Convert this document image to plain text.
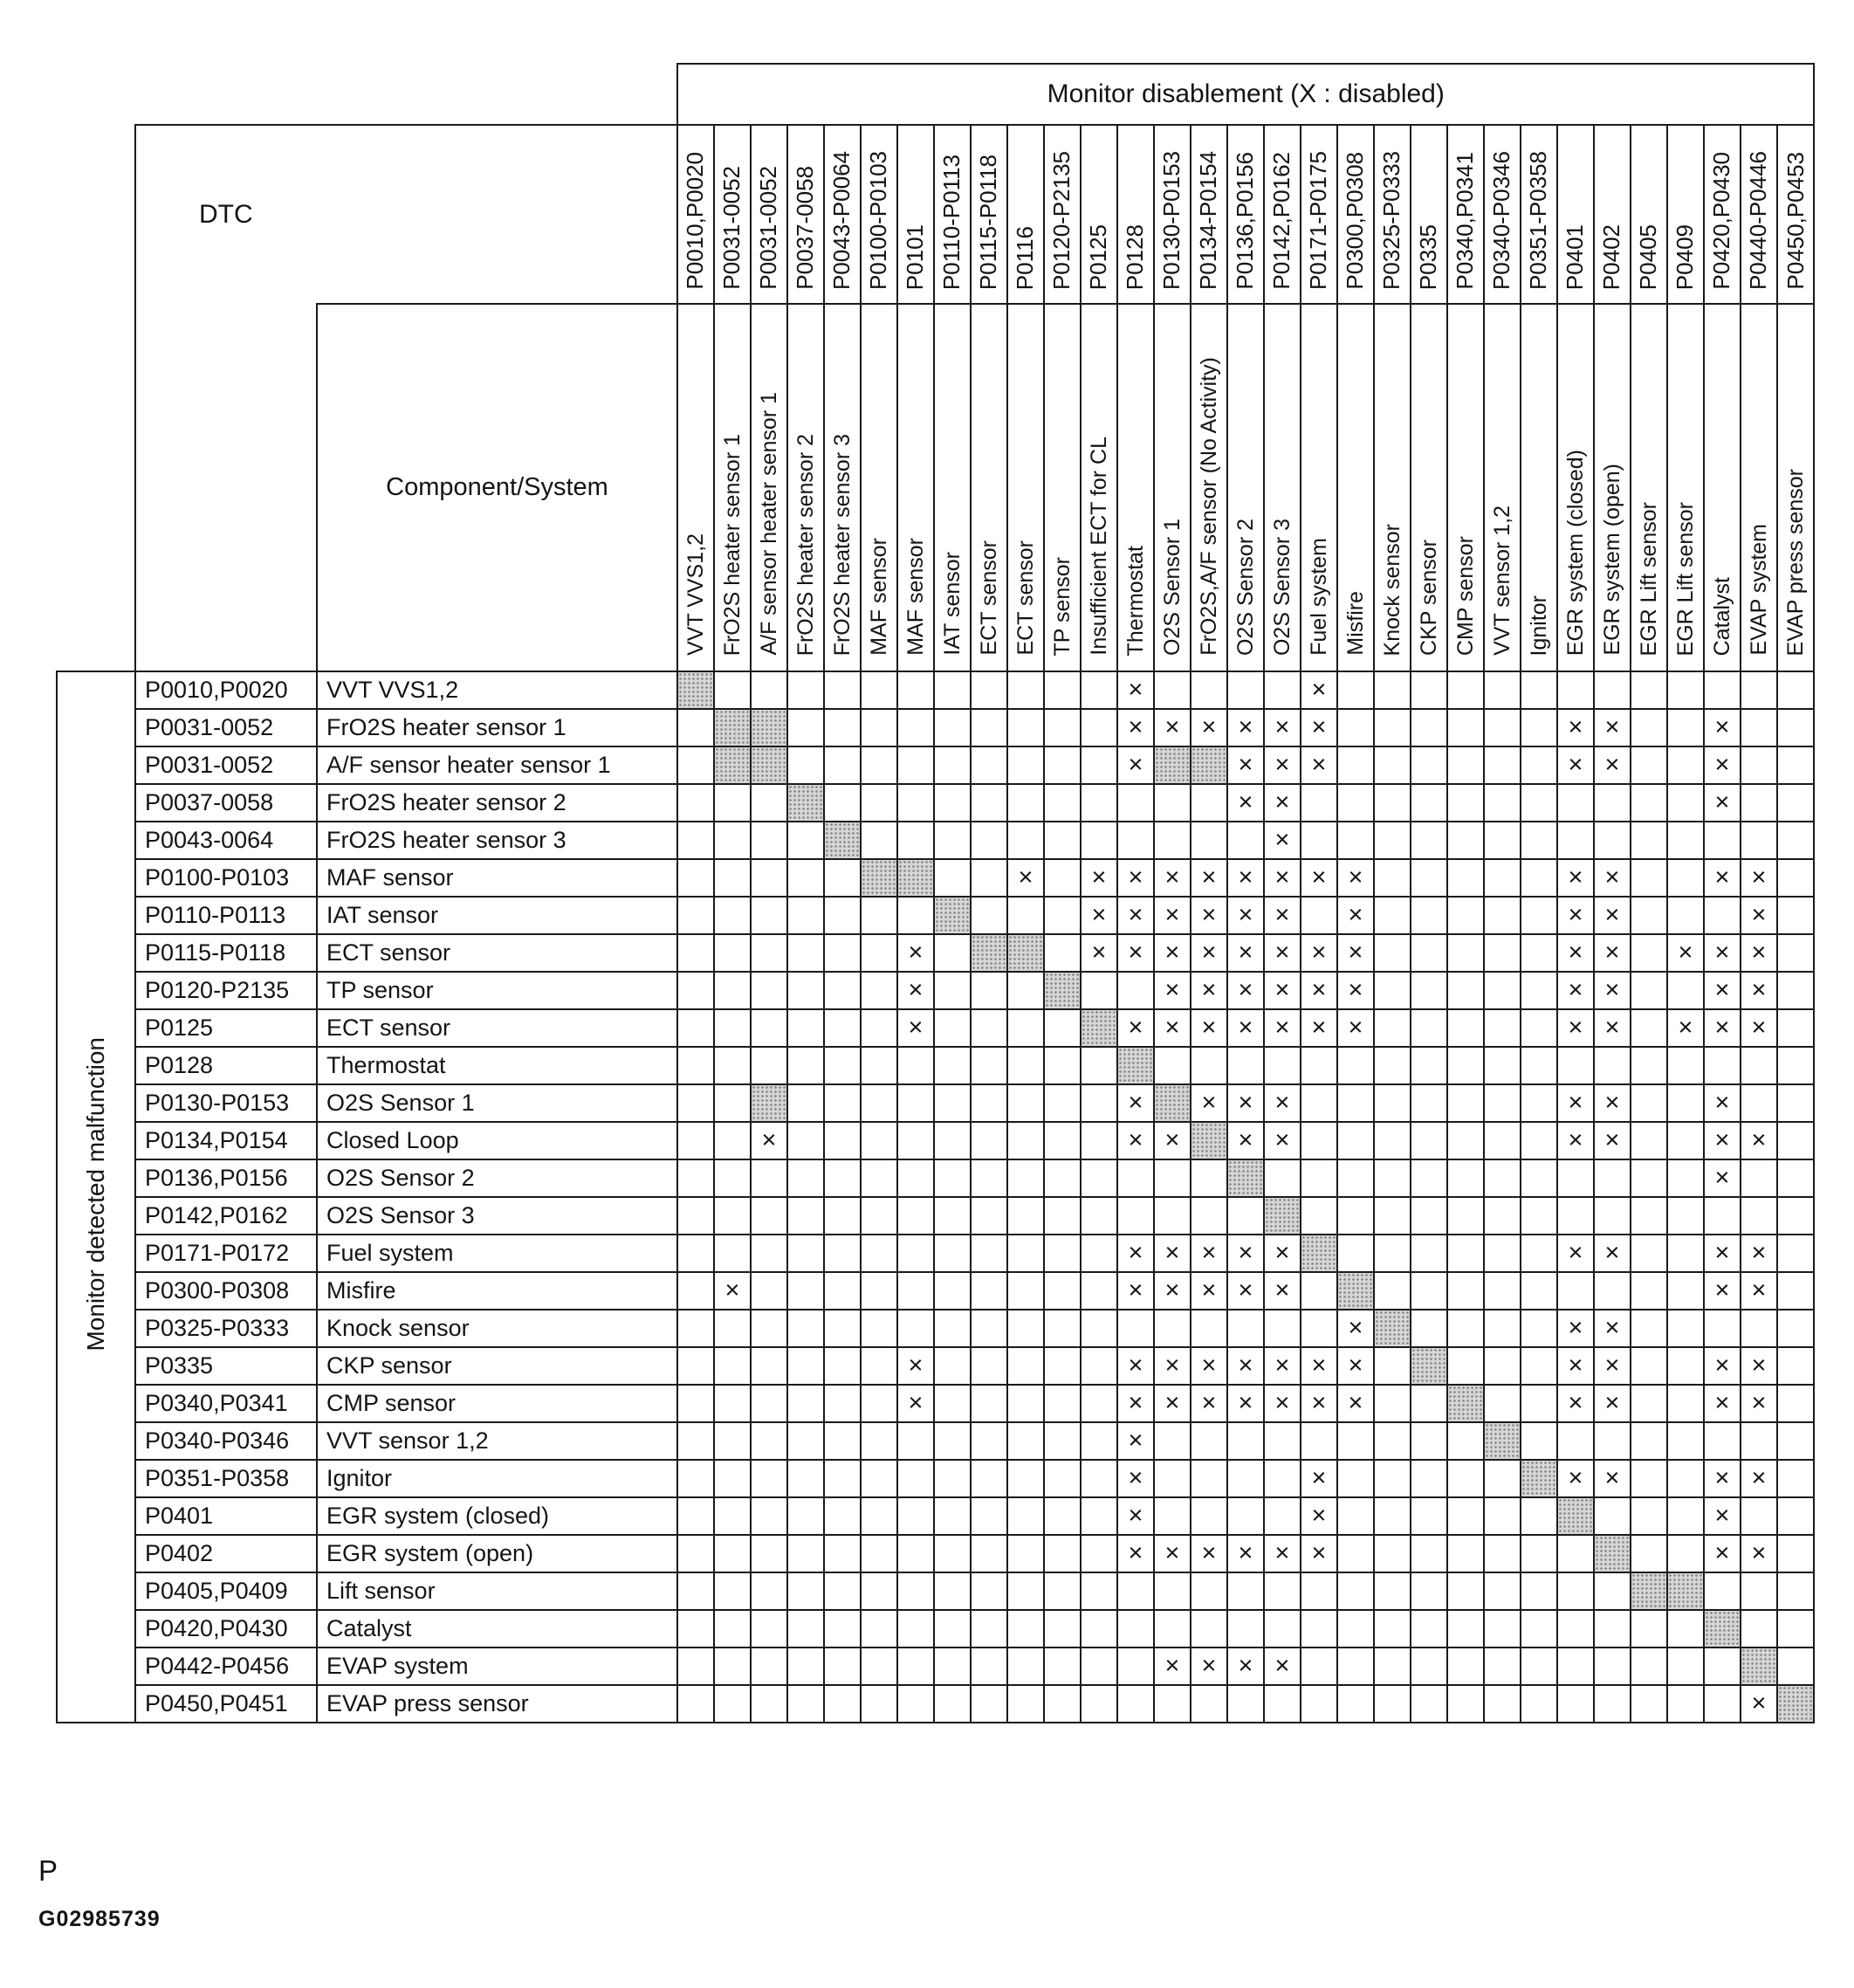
			Monitor disablement (X : disabled)																														
	DTC		P0010,P0020	P0031-0052	P0031-0052	P0037-0058	P0043-P0064	P0100-P0103	P0101	P0110-P0113	P0115-P0118	P0116	P0120-P2135	P0125	P0128	P0130-P0153	P0134-P0154	P0136,P0156	P0142,P0162	P0171-P0175	P0300,P0308	P0325-P0333	P0335	P0340,P0341	P0340-P0346	P0351-P0358	P0401	P0402	P0405	P0409	P0420,P0430	P0440-P0446	P0450,P0453
		Component/System	VVT VVS1,2	FrO2S heater sensor 1	A/F sensor heater sensor 1	FrO2S heater sensor 2	FrO2S heater sensor 3	MAF sensor	MAF sensor	IAT sensor	ECT sensor	ECT sensor	TP sensor	Insufficient ECT for CL	Thermostat	O2S Sensor 1	FrO2S,A/F sensor (No Activity)	O2S Sensor 2	O2S Sensor 3	Fuel system	Misfire	Knock sensor	CKP sensor	CMP sensor	VVT sensor 1,2	Ignitor	EGR system (closed)	EGR system (open)	EGR Lift sensor	EGR Lift sensor	Catalyst	EVAP system	EVAP press sensor
Monitor detected malfunction	P0010,P0020	VVT VVS1,2													×					×													
	P0031-0052	FrO2S heater sensor 1													×	×	×	×	×	×							×	×			×		
	P0031-0052	A/F sensor heater sensor 1													×			×	×	×							×	×			×		
	P0037-0058	FrO2S heater sensor 2																×	×												×		
	P0043-0064	FrO2S heater sensor 3																	×														
	P0100-P0103	MAF sensor										×		×	×	×	×	×	×	×	×						×	×			×	×	
	P0110-P0113	IAT sensor												×	×	×	×	×	×		×						×	×				×	
	P0115-P0118	ECT sensor							×					×	×	×	×	×	×	×	×						×	×		×	×	×	
	P0120-P2135	TP sensor							×							×	×	×	×	×	×						×	×			×	×	
	P0125	ECT sensor							×						×	×	×	×	×	×	×						×	×		×	×	×	
	P0128	Thermostat																															
	P0130-P0153	O2S Sensor 1													×		×	×	×								×	×			×		
	P0134,P0154	Closed Loop			×										×	×		×	×								×	×			×	×	
	P0136,P0156	O2S Sensor 2																													×		
	P0142,P0162	O2S Sensor 3																															
	P0171-P0172	Fuel system													×	×	×	×	×								×	×			×	×	
	P0300-P0308	Misfire		×											×	×	×	×	×												×	×	
	P0325-P0333	Knock sensor																			×						×	×					
	P0335	CKP sensor							×						×	×	×	×	×	×	×						×	×			×	×	
	P0340,P0341	CMP sensor							×						×	×	×	×	×	×	×						×	×			×	×	
	P0340-P0346	VVT sensor 1,2													×																		
	P0351-P0358	Ignitor													×					×							×	×			×	×	
	P0401	EGR system (closed)													×					×											×		
	P0402	EGR system (open)													×	×	×	×	×	×											×	×	
	P0405,P0409	Lift sensor																															
	P0420,P0430	Catalyst																															
	P0442-P0456	EVAP system														×	×	×	×														
	P0450,P0451	EVAP press sensor																														×	
P
G02985739
